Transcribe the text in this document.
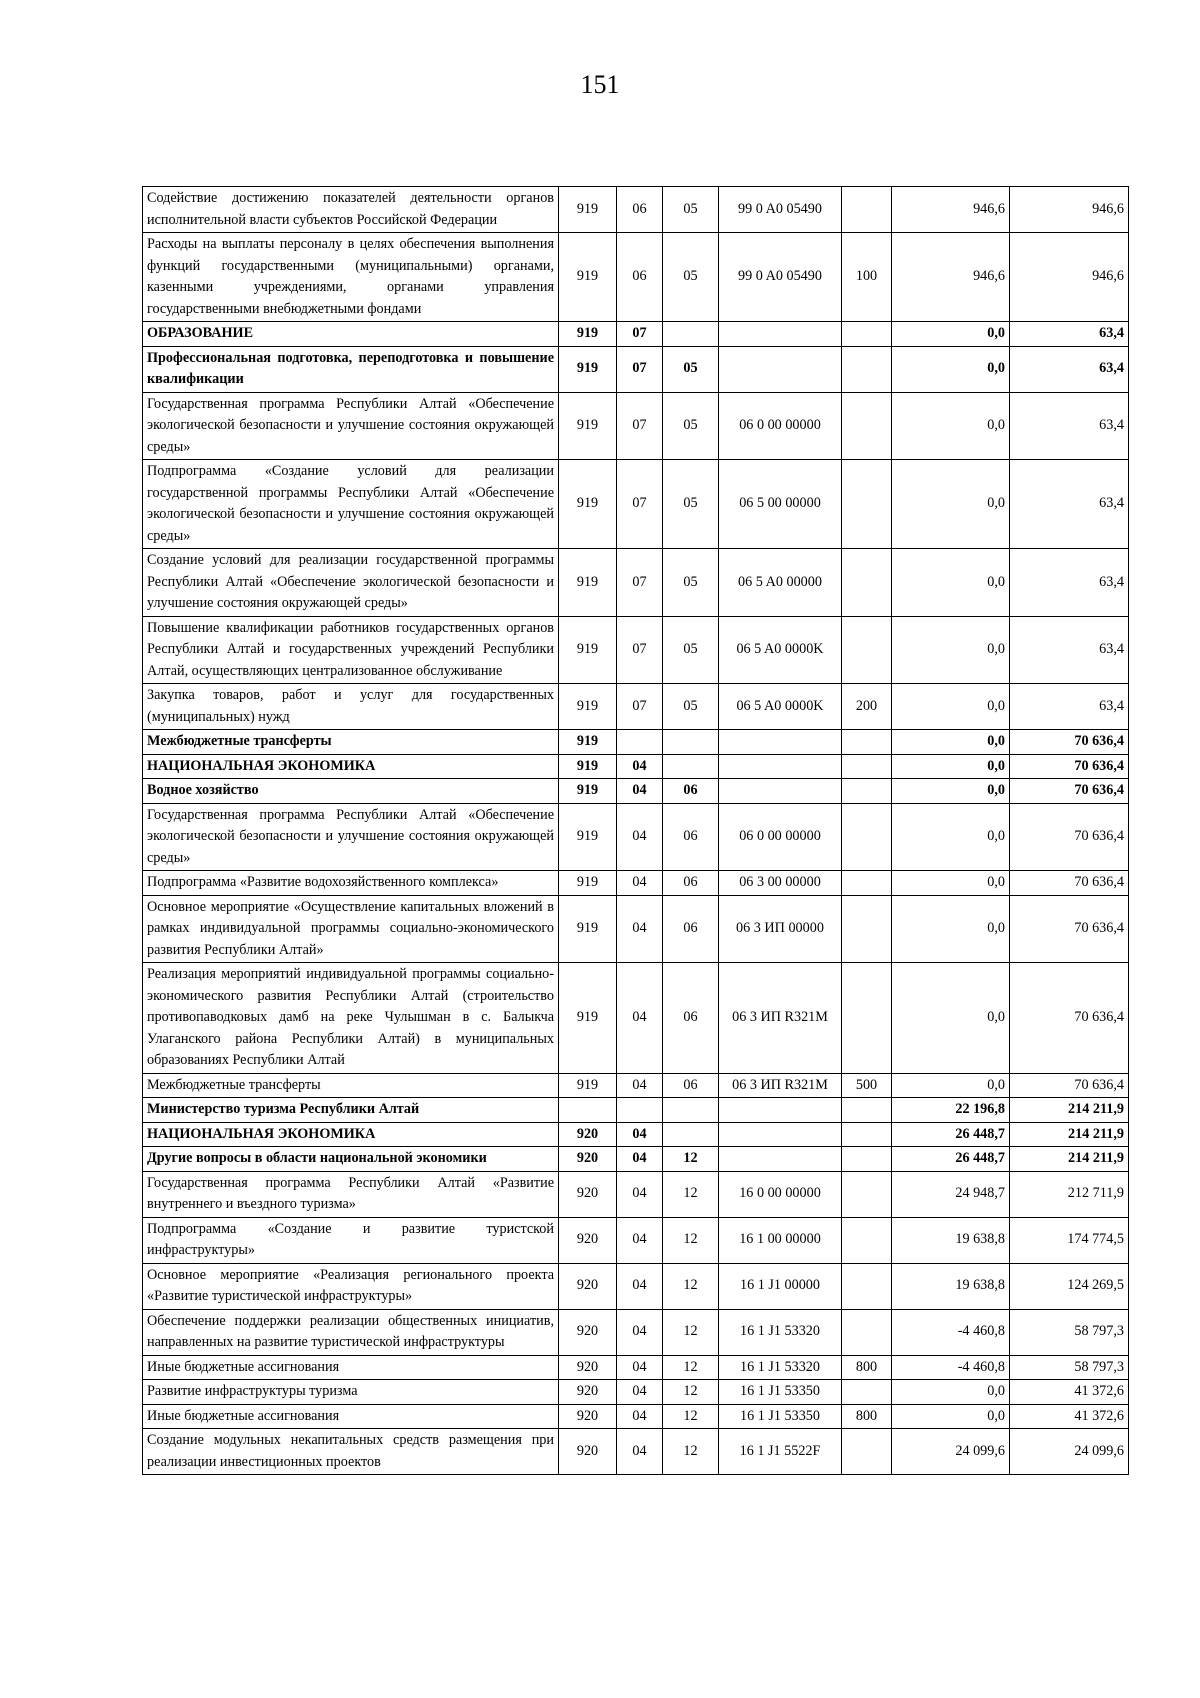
151
Содействие достижению показателей деятельности органов исполнительной власти субъектов Российской Федерации	919	06	05	99 0 A0 05490		946,6	946,6
Расходы на выплаты персоналу в целях обеспечения выполнения функций государственными (муниципальными) органами, казенными учреждениями, органами управления государственными внебюджетными фондами	919	06	05	99 0 A0 05490	100	946,6	946,6
ОБРАЗОВАНИЕ	919	07				0,0	63,4
Профессиональная подготовка, переподготовка и повышение квалификации	919	07	05			0,0	63,4
Государственная программа Республики Алтай «Обеспечение экологической безопасности и улучшение состояния окружающей среды»	919	07	05	06 0 00 00000		0,0	63,4
Подпрограмма «Создание условий для реализации государственной программы Республики Алтай «Обеспечение экологической безопасности и улучшение состояния окружающей среды»	919	07	05	06 5 00 00000		0,0	63,4
Создание условий для реализации государственной программы Республики Алтай «Обеспечение экологической безопасности и улучшение состояния окружающей среды»	919	07	05	06 5 A0 00000		0,0	63,4
Повышение квалификации работников государственных органов Республики Алтай и государственных учреждений Республики Алтай, осуществляющих централизованное обслуживание	919	07	05	06 5 A0 0000K		0,0	63,4
Закупка товаров, работ и услуг для государственных (муниципальных) нужд	919	07	05	06 5 A0 0000K	200	0,0	63,4
Межбюджетные трансферты	919					0,0	70 636,4
НАЦИОНАЛЬНАЯ ЭКОНОМИКА	919	04				0,0	70 636,4
Водное хозяйство	919	04	06			0,0	70 636,4
Государственная программа Республики Алтай «Обеспечение экологической безопасности и улучшение состояния окружающей среды»	919	04	06	06 0 00 00000		0,0	70 636,4
Подпрограмма «Развитие водохозяйственного комплекса»	919	04	06	06 3 00 00000		0,0	70 636,4
Основное мероприятие «Осуществление капитальных вложений в рамках индивидуальной программы социально-экономического развития Республики Алтай»	919	04	06	06 3 ИП 00000		0,0	70 636,4
Реализация мероприятий индивидуальной программы социально-экономического развития Республики Алтай (строительство противопаводковых дамб на реке Чулышман в с. Балыкча Улаганского района Республики Алтай) в муниципальных образованиях Республики Алтай	919	04	06	06 3 ИП R321M		0,0	70 636,4
Межбюджетные трансферты	919	04	06	06 3 ИП R321M	500	0,0	70 636,4
Министерство туризма Республики Алтай						22 196,8	214 211,9
НАЦИОНАЛЬНАЯ ЭКОНОМИКА	920	04				26 448,7	214 211,9
Другие вопросы в области национальной экономики	920	04	12			26 448,7	214 211,9
Государственная программа Республики Алтай «Развитие внутреннего и въездного туризма»	920	04	12	16 0 00 00000		24 948,7	212 711,9
Подпрограмма «Создание и развитие туристской инфраструктуры»	920	04	12	16 1 00 00000		19 638,8	174 774,5
Основное мероприятие «Реализация регионального проекта «Развитие туристической инфраструктуры»	920	04	12	16 1 J1 00000		19 638,8	124 269,5
Обеспечение поддержки реализации общественных инициатив, направленных на развитие туристической инфраструктуры	920	04	12	16 1 J1 53320		-4 460,8	58 797,3
Иные бюджетные ассигнования	920	04	12	16 1 J1 53320	800	-4 460,8	58 797,3
Развитие инфраструктуры туризма	920	04	12	16 1 J1 53350		0,0	41 372,6
Иные бюджетные ассигнования	920	04	12	16 1 J1 53350	800	0,0	41 372,6
Создание модульных некапитальных средств размещения при реализации инвестиционных проектов	920	04	12	16 1 J1 5522F		24 099,6	24 099,6
